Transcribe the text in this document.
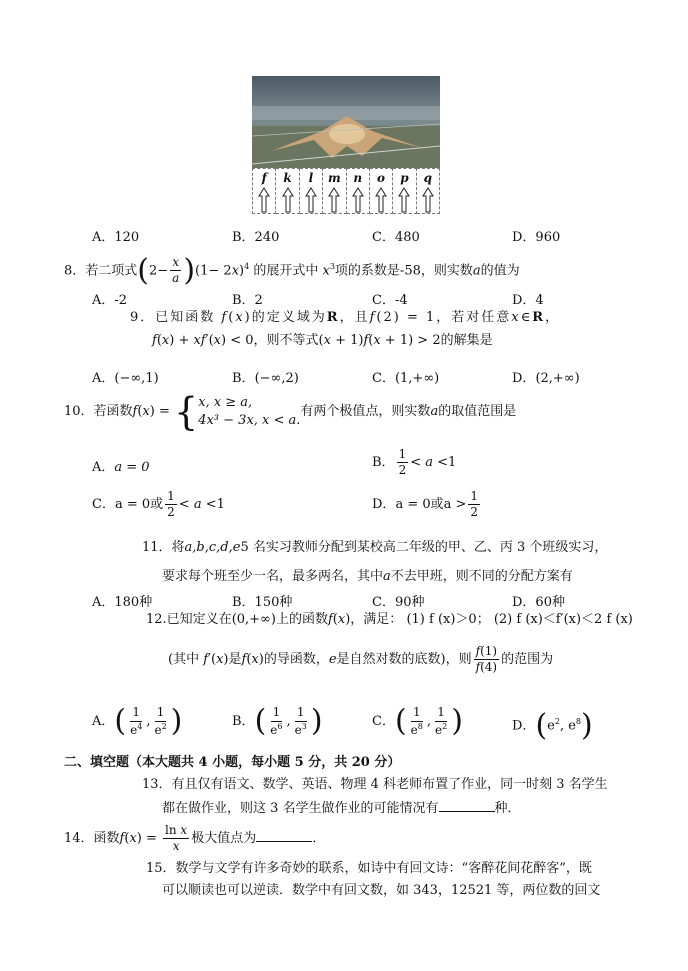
f k l m n o p q
A．120	B．240	C．480	D．960
8．若二项式$(2- \frac{x}{a} )(1- 2x)^4$ 的展开式中 $x^3$项的系数是-58，则实数a的值为
A．-2	B．2	C．-4	D．4
9．已知函数 f(x)的定义域为R，且f(2) = 1，若对任意x∈R，
f(x) + xf′(x) < 0，则不等式(x + 1)f(x + 1) > 2的解集是
A．(−∞,1)	B．(−∞,2)	C．(1,+∞)	D．(2,+∞)
10．若函数f(x) = { x, x ≥ a,
4x³ − 3x, x < a.
有两个极值点，则实数a的取值范围是
A．a = 0	B． $\frac{1}{2} < a <1$
C．a = 0或 $\frac{1}{2} < a <1$	D．a = 0或$a > \frac{1}{2}$
11．将a,b,c,d,e5 名实习教师分配到某校高二年级的甲、乙、丙 3 个班级实习，
要求每个班至少一名，最多两名，其中a不去甲班，则不同的分配方案有
A．180种	B．150种	C．90种	D．60种
12.已知定义在(0,+∞)上的函数f(x)，满足： (1) f (x)＞0； (2) f (x)＜f′(x)＜2 f (x)
(其中 f′(x)是f(x)的导函数，e是自然对数的底数)，则 $\frac{f(1)}{f(4)}$ 的范围为
A．( $\frac{1}{e^4}$ , $\frac{1}{e^2}$ )	B．( $\frac{1}{e^6}$ , $\frac{1}{e^3}$ )	C．( $\frac{1}{e^8}$ , $\frac{1}{e^2}$ )	D．($e^2$, $e^8$)
二、填空题（本大题共 4 小题，每小题 5 分，共 20 分）
13．有且仅有语文、数学、英语、物理 4 科老师布置了作业，同一时刻 3 名学生
都在做作业，则这 3 名学生做作业的可能情况有	种．
14．函数$f(x) = \frac{\text{ln x}}{x}$ 极大值点为	．
15．数学与文学有许多奇妙的联系，如诗中有回文诗：“客醉花间花醉客”，既
可以顺读也可以逆读．数学中有回文数，如 343，12521 等，两位数的回文
